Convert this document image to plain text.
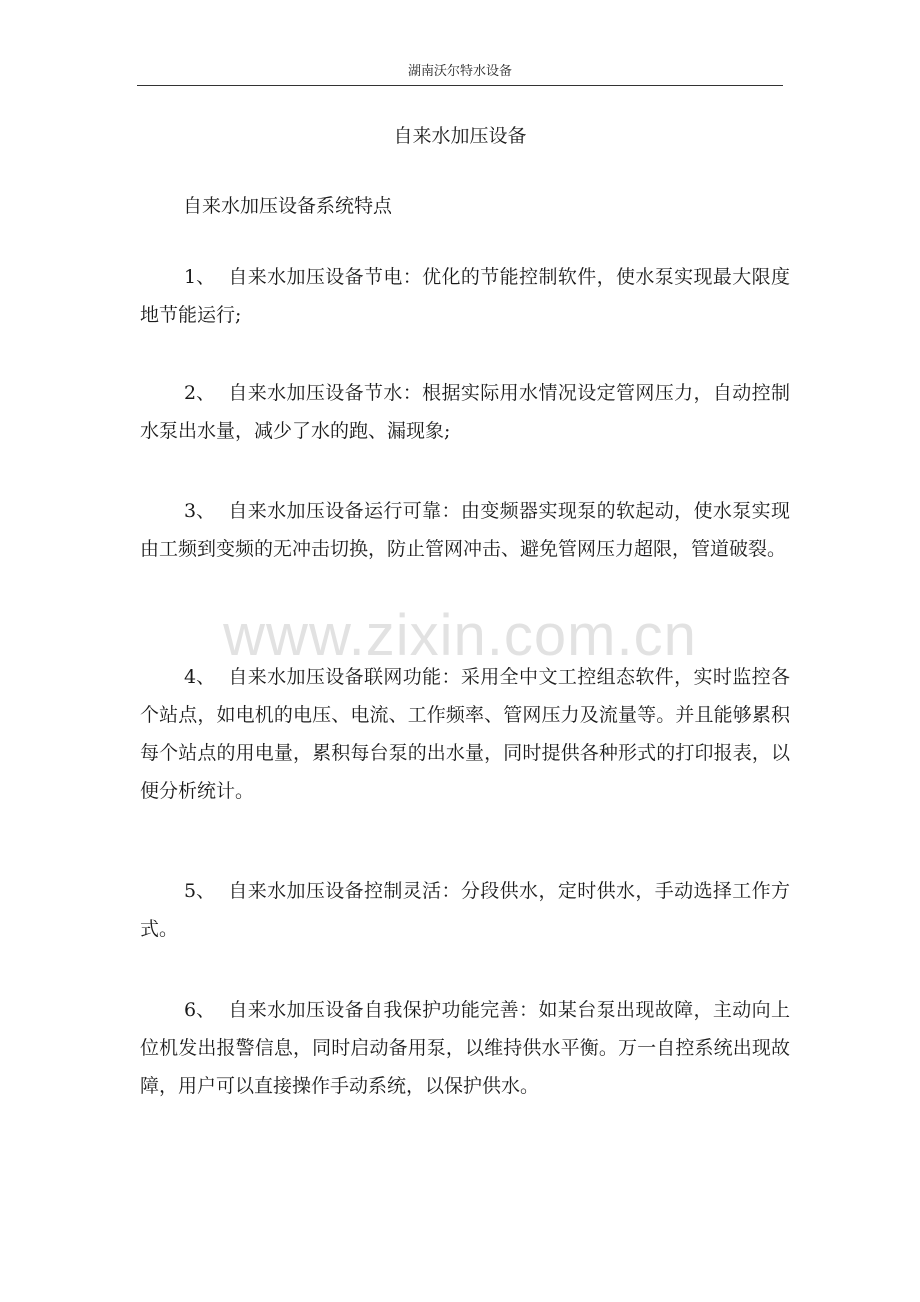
湖南沃尔特水设备
自来水加压设备
自来水加压设备系统特点

1、 自来水加压设备节电：优化的节能控制软件，使水泵实现最大限度地节能运行;

2、 自来水加压设备节水：根据实际用水情况设定管网压力，自动控制水泵出水量，减少了水的跑、漏现象;

3、 自来水加压设备运行可靠：由变频器实现泵的软起动，使水泵实现由工频到变频的无冲击切换，防止管网冲击、避免管网压力超限，管道破裂。

4、 自来水加压设备联网功能：采用全中文工控组态软件，实时监控各个站点，如电机的电压、电流、工作频率、管网压力及流量等。并且能够累积每个站点的用电量，累积每台泵的出水量，同时提供各种形式的打印报表，以便分析统计。

5、 自来水加压设备控制灵活：分段供水，定时供水，手动选择工作方式。

6、 自来水加压设备自我保护功能完善：如某台泵出现故障，主动向上位机发出报警信息，同时启动备用泵，以维持供水平衡。万一自控系统出现故障，用户可以直接操作手动系统，以保护供水。

www.zixin.com.cn
